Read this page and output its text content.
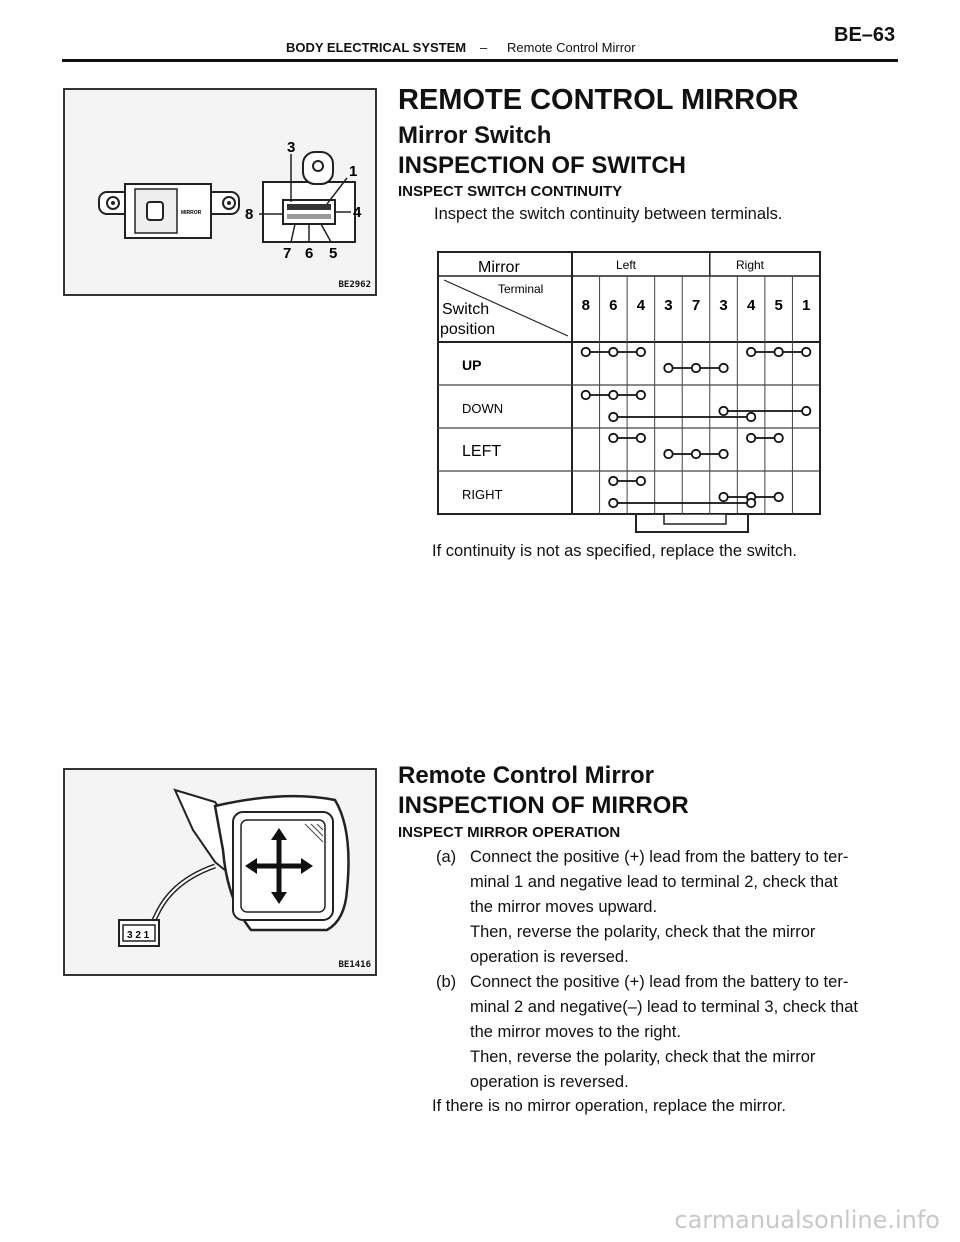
BODY ELECTRICAL SYSTEM – Remote Control Mirror
BE–63
MIRROR
3
1
8	4
7 6 5
BE2962
REMOTE CONTROL MIRROR
Mirror Switch
INSPECTION OF SWITCH
INSPECT SWITCH CONTINUITY
Inspect the switch continuity between terminals.
Mirror
Terminal
Switch
position
Left	Right
8 6 4 3 7 3 4 5 1
UP
DOWN
LEFT
RIGHT
If continuity is not as specified, replace the switch.
3 2 1
BE1416
Remote Control Mirror
INSPECTION OF MIRROR
INSPECT MIRROR OPERATION
(a) Connect the positive (+) lead from the battery to ter-
minal 1 and negative lead to terminal 2, check that
the mirror moves upward.
Then, reverse the polarity, check that the mirror
operation is reversed.
(b) Connect the positive (+) lead from the battery to ter-
minal 2 and negative(–) lead to terminal 3, check that
the mirror moves to the right.
Then, reverse the polarity, check that the mirror
operation is reversed.
If there is no mirror operation, replace the mirror.
carmanualsonline.info
